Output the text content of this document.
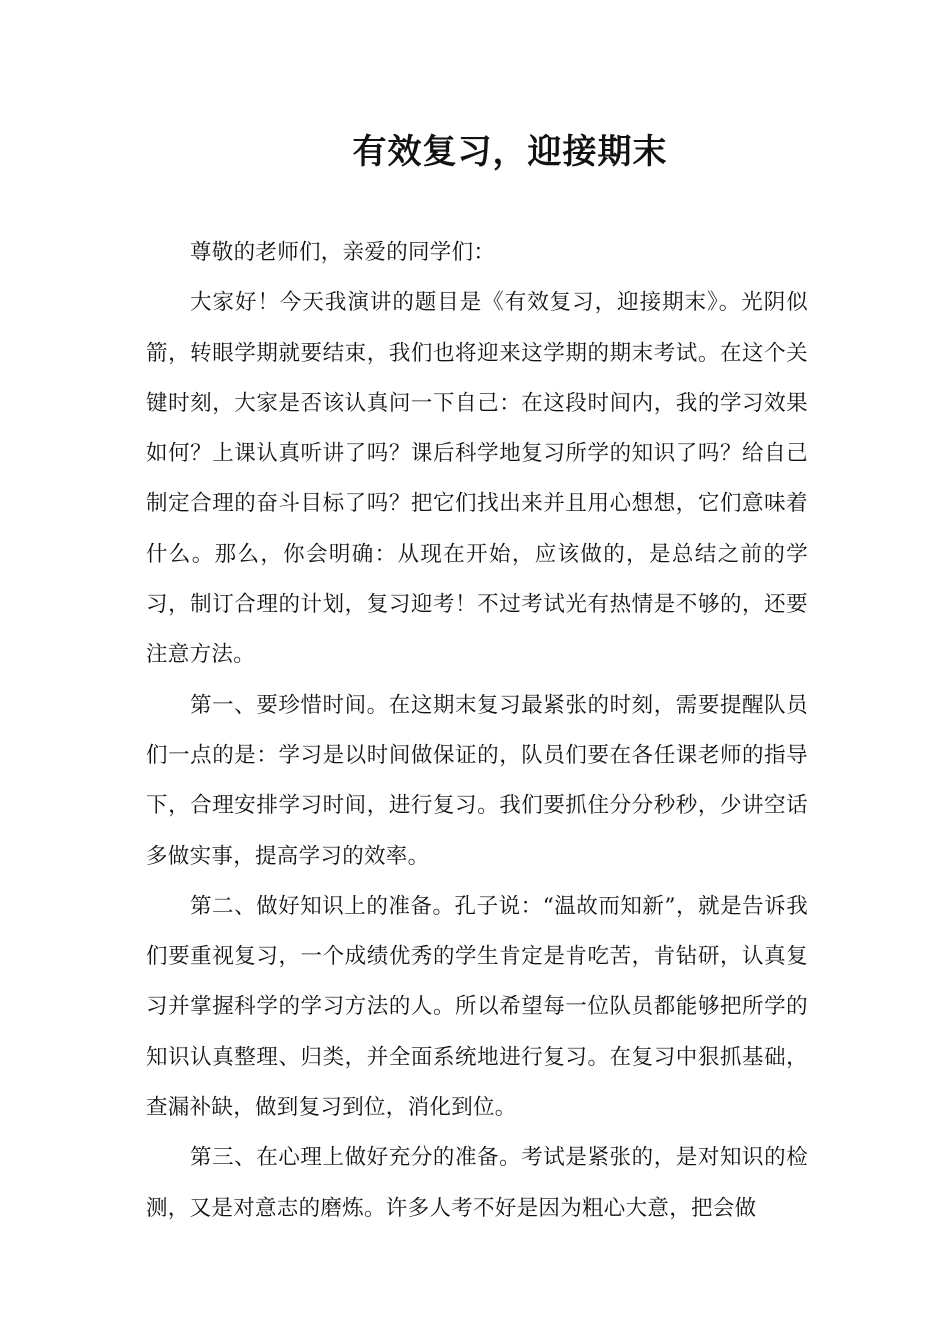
有效复习，迎接期末

尊敬的老师们，亲爱的同学们：

大家好！今天我演讲的题目是《有效复习，迎接期末》。光阴似箭，转眼学期就要结束，我们也将迎来这学期的期末考试。在这个关键时刻，大家是否该认真问一下自己：在这段时间内，我的学习效果如何？上课认真听讲了吗？课后科学地复习所学的知识了吗？给自己制定合理的奋斗目标了吗？把它们找出来并且用心想想，它们意味着什么。那么，你会明确：从现在开始，应该做的，是总结之前的学习，制订合理的计划，复习迎考！不过考试光有热情是不够的，还要注意方法。

第一、要珍惜时间。在这期末复习最紧张的时刻，需要提醒队员们一点的是：学习是以时间做保证的，队员们要在各任课老师的指导下，合理安排学习时间，进行复习。我们要抓住分分秒秒，少讲空话多做实事，提高学习的效率。

第二、做好知识上的准备。孔子说：“温故而知新”，就是告诉我们要重视复习，一个成绩优秀的学生肯定是肯吃苦，肯钻研，认真复习并掌握科学的学习方法的人。所以希望每一位队员都能够把所学的知识认真整理、归类，并全面系统地进行复习。在复习中狠抓基础，查漏补缺，做到复习到位，消化到位。

第三、在心理上做好充分的准备。考试是紧张的，是对知识的检测，又是对意志的磨炼。许多人考不好是因为粗心大意，把会做
